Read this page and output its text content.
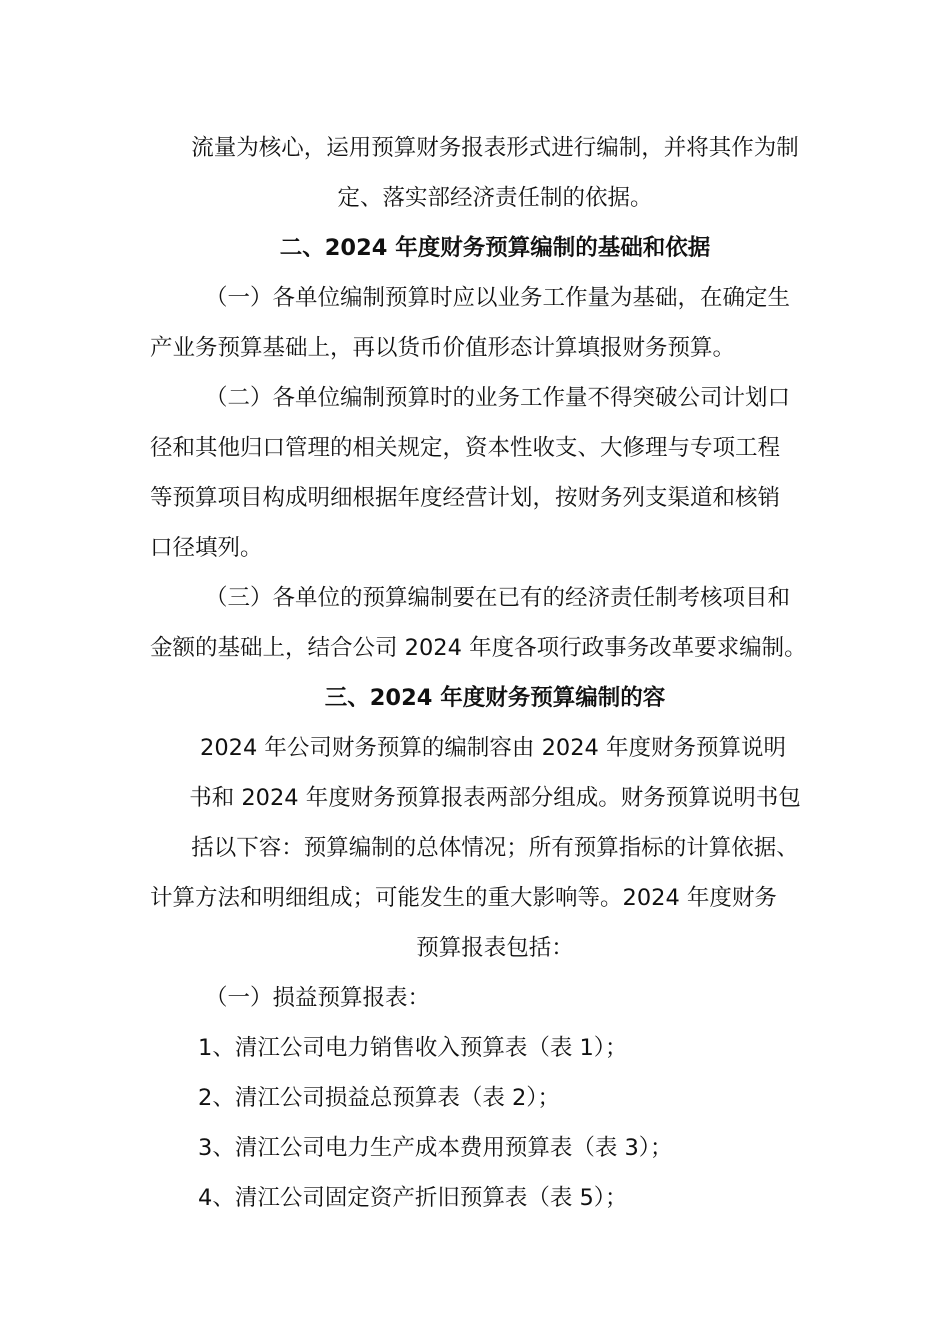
流量为核心，运用预算财务报表形式进行编制，并将其作为制
定、落实部经济责任制的依据。
二、2024 年度财务预算编制的基础和依据
（一）各单位编制预算时应以业务工作量为基础，在确定生
产业务预算基础上，再以货币价值形态计算填报财务预算。
（二）各单位编制预算时的业务工作量不得突破公司计划口
径和其他归口管理的相关规定，资本性收支、大修理与专项工程
等预算项目构成明细根据年度经营计划，按财务列支渠道和核销
口径填列。
（三）各单位的预算编制要在已有的经济责任制考核项目和
金额的基础上，结合公司 2024 年度各项行政事务改革要求编制。
三、2024 年度财务预算编制的容
2024 年公司财务预算的编制容由 2024 年度财务预算说明
书和 2024 年度财务预算报表两部分组成。财务预算说明书包
括以下容：预算编制的总体情况；所有预算指标的计算依据、
计算方法和明细组成；可能发生的重大影响等。2024 年度财务
预算报表包括：
（一）损益预算报表：
1、清江公司电力销售收入预算表（表 1）；
2、清江公司损益总预算表（表 2）；
3、清江公司电力生产成本费用预算表（表 3）；
4、清江公司固定资产折旧预算表（表 5）；
